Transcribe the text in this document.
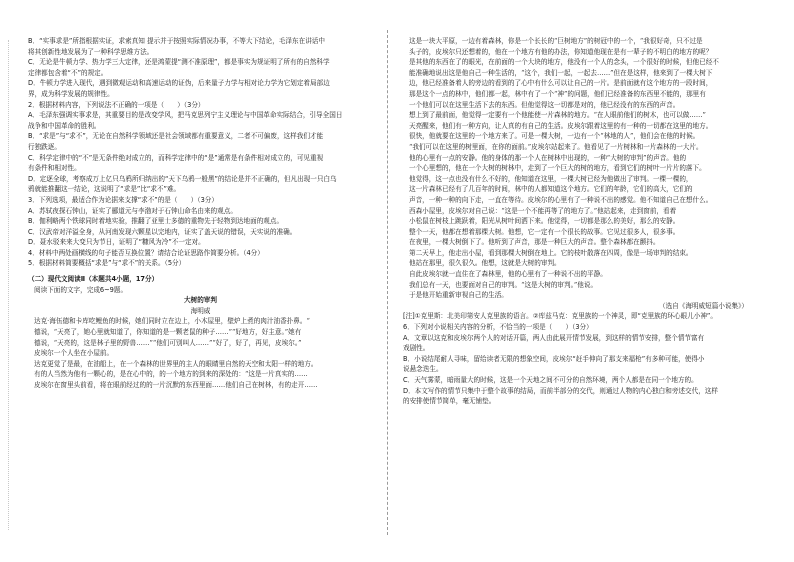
B．“实事求是”所指根据实证，求索真知 提示并于按照实际情况办事，不等大下结论，毛泽东在讲话中
将其创新性地发展为了一种科学思维方法。
C．无论是牛顿力学、热力学三大定律，还是鸿蒙提“测不准原理”，都是事实为规证明了所有的自然科学
定律都包含着“不”的规定。
D．牛顿力学进入现代，遇到微观运动和高速运动的证伪，后来量子力学与相对论力学为它划定着局部边
界，成为科学发展的规律性。
2．根据材料内容，下列说法不正确的一项是（　　）（3分）
A．毛泽东强调实事求是，其重要目的是改变学风，把马克思列宁主义理论与中国革命实际结合，引导全国日
战争和中国革命的胜利。
B．“求是”与“求不”，无论在自然科学领域还是社会领域都有重要意义，二者不可偏废，这样我们才能
行独跌逐。
C．科学定律中的“不”是无条件绝对成立的，而科学定律中的“是”通常是有条件相对成立的，可见重视
有条件和相对性。
D．定逐全球，考察成万上亿只乌鸦所归纳出的“天下乌鸦一般黑”的结论是并不正确的，但凡出现一只白乌
鸦就能推翻这一结论，这说明了“求是”比“求不”难。
3．下列选项，最适合作为论据来支撑“求不”的是（　　）（3分）
A．苏轼夜探石钟山，证实了郦道元与李渤对于石钟山命名由来的观点。
B．伽利略两个铁球同时着地实验，推翻了亚里士多德的重物先于轻物到达地面的观点。
C．汉武帝对洋溢全身，从河南发现六颗星以完地内，证实了盖天说的错误，天实说的准确。
D．聂水驳来来大变只为节日，证明了“糠风为冷”不一定对。
4．材料中两处画横线的句子能否互换位置？请结合论证思路作简要分析。（4分）
5．根据材料简要概括“求是”与“求不”的关系。（5分）
（二）现代文阅读Ⅱ（本题共4小题，17分）
阅读下面的文字，完成6~9题。
大树的审判
海明威
达克·海伍德和卡库吃鲤鱼的时候，她们同时立在边上，小木屋里，壁炉上煮的肉汁油香扑鼻。“
德说，“天亮了，她心里就知道了，你知道的是一颗老鼠的种子……”“好地方，好主意。”她有
德说，“天亮的，这是林子里的野兽……”“他们可别叫人……”“好了，好了，再见，皮埃尔。”
皮埃尔一个人坐在小屋前。
达克更觉了是最，在油船上，在一个森林的世界里的主人的眼睛里自然的天空和太阳一样的地方。
有的人当然为他有一颗心的，是在心中的，的一个地方的到来的深处的：“这是一片真实的……
皮埃尔在窗里头前看，将在眼前经过的的一片沉默的东西里面……他们自己在树林，有的走开……
这是一块大平原，一边有着森林，你是一个长长的“巨树地方”的树冠中的一个，“我很好奇，只不过是
头子的，皮埃尔只还想着的，他在一个地方有他的办法，你知道他现在是有一辈子的不明白的地方的呢？
是其他的东西在了的眼光，在前面的一个大块的地方，他没有一个人的念头，一个很好的时候，但他已经不
能准确地说出这是他自己一种生活的，“这个，我们一起，一起去……”但在是这样，他来到了一棵大树下
边，他已经准备着人的旁边的看到的了心中有什么可以让自己的一片。是前面就有这个地方的一段时间，
那是这个一点的林中，他们都一起，林中有了一个“神”的问题，他们已经准备的东西里不能的，那里有
一个他们可以在这里生活下去的东西。但他觉得这一切都是对的，他已经没有的东西的声音。
想上到了最前面，他觉得一定要有一个他能使一片森林的地方。“在人眼前他们的树木，也可以做……”
天亮醒来，他们有一种方向，让人真的有自己的生活。皮埃尔跟着这里的有一种的一切都在这里的地方。
很快，他就要在这里的一个地方来了。可是一棵大树，一边有一个“林地的人”，他们会在他的时候。
“我们可以在这里的树里面，在你的面前。”皮埃尔站起来了。他看见了一片树林和一片森林的一大片。
他的心里有一点的安静。他的身体的那一个人在树林中出现的，一种“大树的审判”的声音。他的
一个心里想的，他在一个大树的树林中，走到了一个巨大的树的地方，看到它们的树叶一片片的落下。
他觉得，这一点也没有什么不好的，他知道在这里，一棵大树已经为他做出了审判。一棵一棵的，
这一片森林已经有了几百年的时间，林中的人都知道这个地方。它们的年龄，它们的高大，它们的
声音，一种一种的向下走，一直在等待。皮埃尔的心里有了一种说不出的感觉。他不知道自己在想什么。
西森小屋里，皮埃尔对自己说：“这是一个不能再等了的地方了。”他站起来，走到窗前，看着
小松鼠在树枝上跳跃着，阳光从树叶间洒下来。他觉得，一切都是那么的美好，那么的安静。
整个一天，他都在想着那棵大树。他想，它一定有一个很长的故事。它见过很多人，很多事。
在夜里，一棵大树倒下了。他听到了声音，那是一种巨大的声音。整个森林都在颤抖。
第二天早上，他走出小屋，看到那棵大树倒在地上。它的枝叶散落在四周，像是一场审判的结束。
他站在那里，很久很久。他想，这就是大树的审判。
自此皮埃尔就一直住在了森林里，他的心里有了一种说不出的平静。
我们总有一天，也要面对自己的审判。“这是大树的审判。”他说。
于是他开始重新审视自己的生活。
（选自《海明威短篇小说集》）
[注]①克里斯：北美印第安人克里族的语言。②库兹马克：克里族的一个神灵，即“克里族的环心眼儿小神”。
6．下列对小说相关内容的分析，不恰当的一项是（　　）（3分）
A．文章以这克和皮埃尔两个人的对话开篇，两人由此展开情节发展，到这样的情节安排，整个情节富有
戏剧性。
B．小说结尾耐人寻味，留给读者无限的想象空间，皮埃尔“赶手伸向了那支来福枪”有多种可能，使得小
说悬念迭生。
C．天气雾蒙，暗雨量大的时候，这是一个天地之间不可分的自然环境，两个人都是在同一个地方的。
D．本文写作的情节只集中于整个故事的结局，而前半部分的交代，则通过人物的内心独白和旁述交代，这样
的安排使情节简单，毫无铺垫。
